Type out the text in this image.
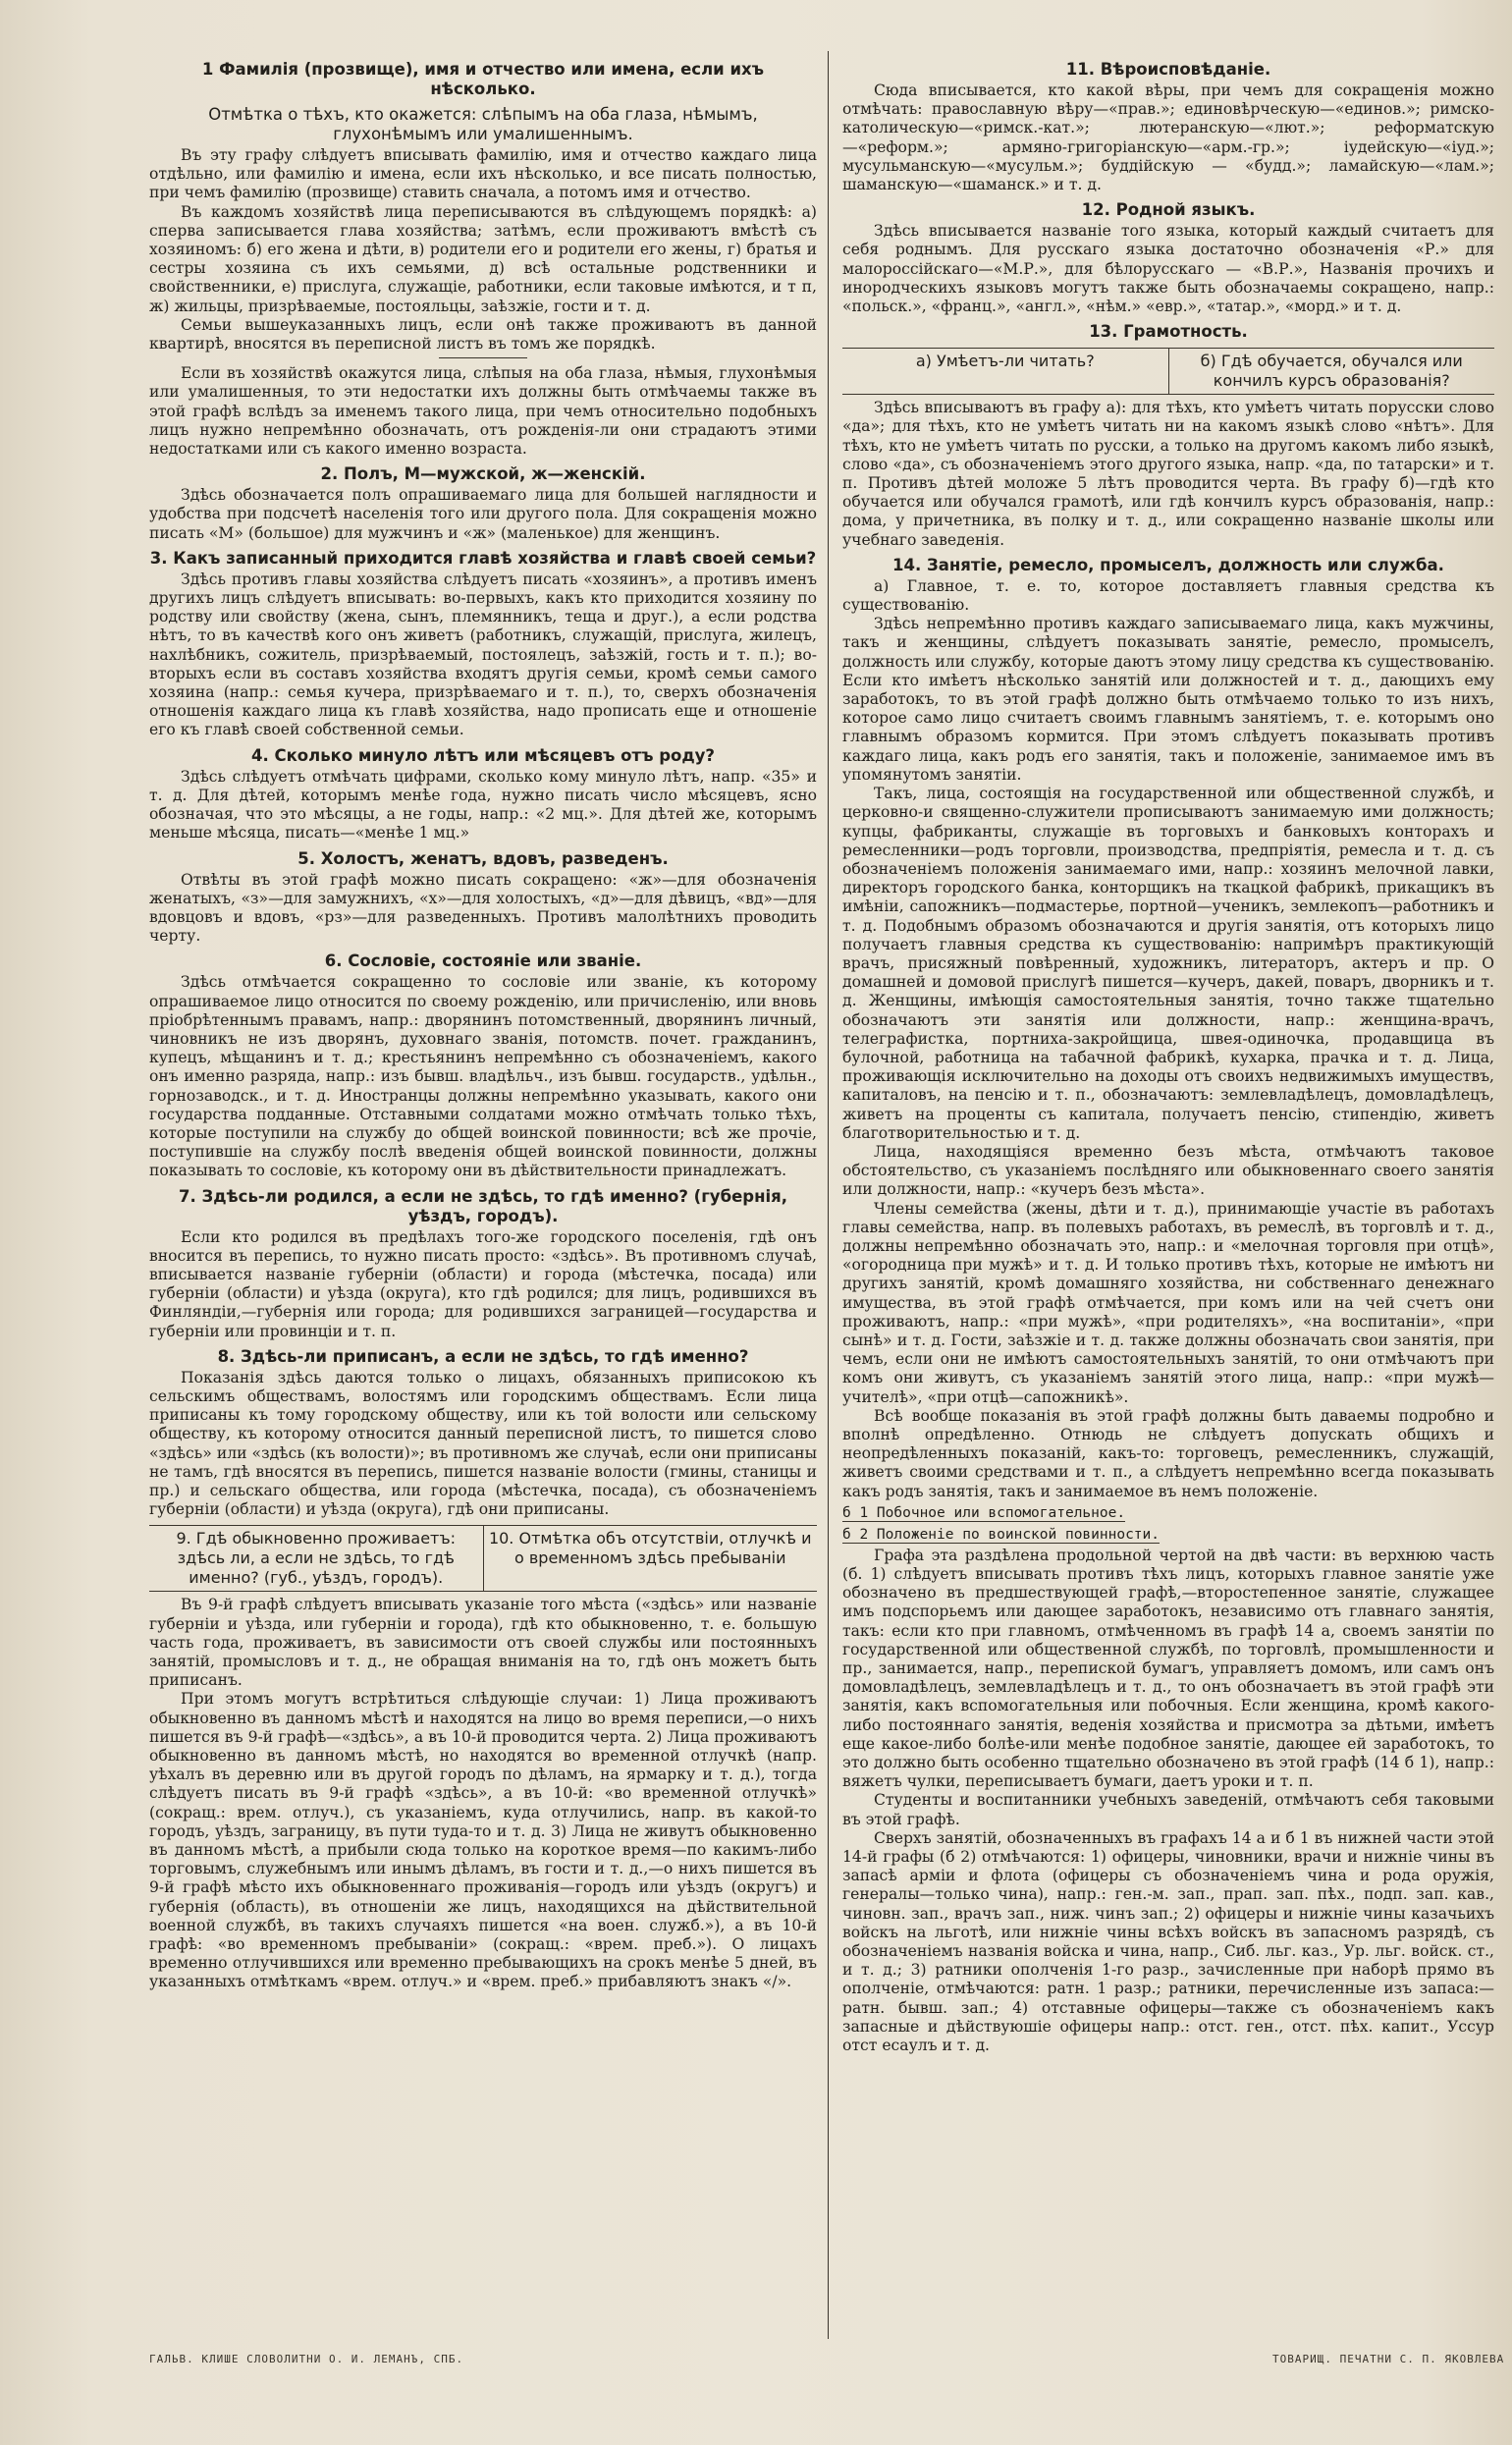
1 Фамилія (прозвище), имя и отчество или имена, если ихъ нѣсколько.
Отмѣтка о тѣхъ, кто окажется: слѣпымъ на оба глаза, нѣмымъ, глухонѣмымъ или умалишеннымъ.

Въ эту графу слѣдуетъ вписывать фамилію, имя и отчество каждаго лица отдѣльно, или фамилію и имена, если ихъ нѣсколько, и все писать полностью, при чемъ фамилію (прозвище) ставить сначала, а потомъ имя и отчество.

Въ каждомъ хозяйствѣ лица переписываются въ слѣдующемъ порядкѣ: а) сперва записывается глава хозяйства; затѣмъ, если проживаютъ вмѣстѣ съ хозяиномъ: б) его жена и дѣти, в) родители его и родители его жены, г) братья и сестры хозяина съ ихъ семьями, д) всѣ остальные родственники и свойственники, е) прислуга, служащіе, работники, если таковые имѣются, и т п, ж) жильцы, призрѣваемые, постояльцы, заѣзжіе, гости и т. д.

Семьи вышеуказанныхъ лицъ, если онѣ также проживаютъ въ данной квартирѣ, вносятся въ переписной листъ въ томъ же порядкѣ.

Если въ хозяйствѣ окажутся лица, слѣпыя на оба глаза, нѣмыя, глухонѣмыя или умалишенныя, то эти недостатки ихъ должны быть отмѣчаемы также въ этой графѣ вслѣдъ за именемъ такого лица, при чемъ относительно подобныхъ лицъ нужно непремѣнно обозначать, отъ рожденія-ли они страдаютъ этими недостатками или съ какого именно возраста.

2. Полъ, М—мужской, ж—женскій.

Здѣсь обозначается полъ опрашиваемаго лица для большей наглядности и удобства при подсчетѣ населенія того или другого пола. Для сокращенія можно писать «М» (большое) для мужчинъ и «ж» (маленькое) для женщинъ.

3. Какъ записанный приходится главѣ хозяйства и главѣ своей семьи?

Здѣсь противъ главы хозяйства слѣдуетъ писать «хозяинъ», а противъ именъ другихъ лицъ слѣдуетъ вписывать: во-первыхъ, какъ кто приходится хозяину по родству или свойству (жена, сынъ, племянникъ, теща и друг.), а если родства нѣтъ, то въ качествѣ кого онъ живетъ (работникъ, служащій, прислуга, жилецъ, нахлѣбникъ, сожитель, призрѣваемый, постоялецъ, заѣзжій, гость и т. п.); во-вторыхъ если въ составъ хозяйства входятъ другія семьи, кромѣ семьи самого хозяина (напр.: семья кучера, призрѣваемаго и т. п.), то, сверхъ обозначенія отношенія каждаго лица къ главѣ хозяйства, надо прописать еще и отношеніе его къ главѣ своей собственной семьи.

4. Сколько минуло лѣтъ или мѣсяцевъ отъ роду?

Здѣсь слѣдуетъ отмѣчать цифрами, сколько кому минуло лѣтъ, напр. «35» и т. д. Для дѣтей, которымъ менѣе года, нужно писать число мѣсяцевъ, ясно обозначая, что это мѣсяцы, а не годы, напр.: «2 мц.». Для дѣтей же, которымъ меньше мѣсяца, писать—«менѣе 1 мц.»

5. Холостъ, женатъ, вдовъ, разведенъ.

Отвѣты въ этой графѣ можно писать сокращено: «ж»—для обозначенія женатыхъ, «з»—для замужнихъ, «х»—для холостыхъ, «д»—для дѣвицъ, «вд»—для вдовцовъ и вдовъ, «рз»—для разведенныхъ. Противъ малолѣтнихъ проводить черту.

6. Сословіе, состояніе или званіе.

Здѣсь отмѣчается сокращенно то сословіе или званіе, къ которому опрашиваемое лицо относится по своему рожденію, или причисленію, или вновь пріобрѣтеннымъ правамъ, напр.: дворянинъ потомственный, дворянинъ личный, чиновникъ не изъ дворянъ, духовнаго званія, потомств. почет. гражданинъ, купецъ, мѣщанинъ и т. д.; крестьянинъ непремѣнно съ обозначеніемъ, какого онъ именно разряда, напр.: изъ бывш. владѣльч., изъ бывш. государств., удѣльн., горнозаводск., и т. д. Иностранцы должны непремѣнно указывать, какого они государства подданные. Отставными солдатами можно отмѣчать только тѣхъ, которые поступили на службу до общей воинской повинности; всѣ же прочіе, поступившіе на службу послѣ введенія общей воинской повинности, должны показывать то сословіе, къ которому они въ дѣйствительности принадлежатъ.

7. Здѣсь-ли родился, а если не здѣсь, то гдѣ именно? (губернія, уѣздъ, городъ).

Если кто родился въ предѣлахъ того-же городского поселенія, гдѣ онъ вносится въ перепись, то нужно писать просто: «здѣсь». Въ противномъ случаѣ, вписывается названіе губерніи (области) и города (мѣстечка, посада) или губерніи (области) и уѣзда (округа), кто гдѣ родился; для лицъ, родившихся въ Финляндіи,—губернія или города; для родившихся заграницей—государства и губерніи или провинціи и т. п.

8. Здѣсь-ли приписанъ, а если не здѣсь, то гдѣ именно?

Показанія здѣсь даются только о лицахъ, обязанныхъ приписокою къ сельскимъ обществамъ, волостямъ или городскимъ обществамъ. Если лица приписаны къ тому городскому обществу, или къ той волости или сельскому обществу, къ которому относится данный переписной листъ, то пишется слово «здѣсь» или «здѣсь (къ волости)»; въ противномъ же случаѣ, если они приписаны не тамъ, гдѣ вносятся въ перепись, пишется названіе волости (гмины, станицы и пр.) и сельскаго общества, или города (мѣстечка, посада), съ обозначеніемъ губерніи (области) и уѣзда (округа), гдѣ они приписаны.

9. Гдѣ обыкновенно проживаетъ: здѣсь ли, а если не здѣсь, то гдѣ именно? (губ., уѣздъ, городъ).
10. Отмѣтка объ отсутствіи, отлучкѣ и о временномъ здѣсь пребываніи

Въ 9-й графѣ слѣдуетъ вписывать указаніе того мѣста («здѣсь» или названіе губерніи и уѣзда, или губерніи и города), гдѣ кто обыкновенно, т. е. большую часть года, проживаетъ, въ зависимости отъ своей службы или постоянныхъ занятій, промысловъ и т. д., не обращая вниманія на то, гдѣ онъ можетъ быть приписанъ.

При этомъ могутъ встрѣтиться слѣдующіе случаи: 1) Лица проживаютъ обыкновенно въ данномъ мѣстѣ и находятся на лицо во время переписи,—о нихъ пишется въ 9-й графѣ—«здѣсь», а въ 10-й проводится черта. 2) Лица проживаютъ обыкновенно въ данномъ мѣстѣ, но находятся во временной отлучкѣ (напр. уѣхалъ въ деревню или въ другой городъ по дѣламъ, на ярмарку и т. д.), тогда слѣдуетъ писать въ 9-й графѣ «здѣсь», а въ 10-й: «во временной отлучкѣ» (сокращ.: врем. отлуч.), съ указаніемъ, куда отлучились, напр. въ какой-то городъ, уѣздъ, заграницу, въ пути туда-то и т. д. 3) Лица не живутъ обыкновенно въ данномъ мѣстѣ, а прибыли сюда только на короткое время—по какимъ-либо торговымъ, служебнымъ или инымъ дѣламъ, въ гости и т. д.,—о нихъ пишется въ 9-й графѣ мѣсто ихъ обыкновеннаго проживанія—городъ или уѣздъ (округъ) и губернія (область), въ отношеніи же лицъ, находящихся на дѣйствительной военной службѣ, въ такихъ случаяхъ пишется «на воен. служб.»), а въ 10-й графѣ: «во временномъ пребываніи» (сокращ.: «врем. преб.»). О лицахъ временно отлучившихся или временно пребывающихъ на срокъ менѣе 5 дней, въ указанныхъ отмѣткамъ «врем. отлуч.» и «врем. преб.» прибавляютъ знакъ «/».

11. Вѣроисповѣданіе.

Сюда вписывается, кто какой вѣры, при чемъ для сокращенія можно отмѣчать: православную вѣру—«прав.»; единовѣрческую—«единов.»; римско-католическую—«римск.-кат.»; лютеранскую—«лют.»; реформатскую—«реформ.»; армяно-григоріанскую—«арм.-гр.»; іудейскую—«іуд.»; мусульманскую—«мусульм.»; буддійскую — «будд.»; ламайскую—«лам.»; шаманскую—«шаманск.» и т. д.

12. Родной языкъ.

Здѣсь вписывается названіе того языка, который каждый считаетъ для себя роднымъ. Для русскаго языка достаточно обозначенія «Р.» для малороссійскаго—«М.Р.», для бѣлорусскаго — «В.Р.», Названія прочихъ и инородческихъ языковъ могутъ также быть обозначаемы сокращено, напр.: «польск.», «франц.», «англ.», «нѣм.» «евр.», «татар.», «морд.» и т. д.

13. Грамотность.
а) Умѣетъ-ли читать?	б) Гдѣ обучается, обучался или кончилъ курсъ образованія?

Здѣсь вписываютъ въ графу а): для тѣхъ, кто умѣетъ читать порусски слово «да»; для тѣхъ, кто не умѣетъ читать ни на какомъ языкѣ слово «нѣтъ». Для тѣхъ, кто не умѣетъ читать по русски, а только на другомъ какомъ либо языкѣ, слово «да», съ обозначеніемъ этого другого языка, напр. «да, по татарски» и т. п. Противъ дѣтей моложе 5 лѣтъ проводится черта. Въ графу б)—гдѣ кто обучается или обучался грамотѣ, или гдѣ кончилъ курсъ образованія, напр.: дома, у причетника, въ полку и т. д., или сокращенно названіе школы или учебнаго заведенія.

14. Занятіе, ремесло, промыселъ, должность или служба.

а) Главное, т. е. то, которое доставляетъ главныя средства къ существованію.

Здѣсь непремѣнно противъ каждаго записываемаго лица, какъ мужчины, такъ и женщины, слѣдуетъ показывать занятіе, ремесло, промыселъ, должность или службу, которые даютъ этому лицу средства къ существованію. Если кто имѣетъ нѣсколько занятій или должностей и т. д., дающихъ ему заработокъ, то въ этой графѣ должно быть отмѣчаемо только то изъ нихъ, которое само лицо считаетъ своимъ главнымъ занятіемъ, т. е. которымъ оно главнымъ образомъ кормится. При этомъ слѣдуетъ показывать противъ каждаго лица, какъ родъ его занятія, такъ и положеніе, занимаемое имъ въ упомянутомъ занятіи.

Такъ, лица, состоящія на государственной или общественной службѣ, и церковно-и священно-служители прописываютъ занимаемую ими должность; купцы, фабриканты, служащіе въ торговыхъ и банковыхъ конторахъ и ремесленники—родъ торговли, производства, предпріятія, ремесла и т. д. съ обозначеніемъ положенія занимаемаго ими, напр.: хозяинъ мелочной лавки, директоръ городского банка, конторщикъ на ткацкой фабрикѣ, прикащикъ въ имѣніи, сапожникъ—подмастерье, портной—ученикъ, землекопъ—работникъ и т. д. Подобнымъ образомъ обозначаются и другія занятія, отъ которыхъ лицо получаетъ главныя средства къ существованію: напримѣръ практикующій врачъ, присяжный повѣренный, художникъ, литераторъ, актеръ и пр. О домашней и домовой прислугѣ пишется—кучеръ, дакей, поваръ, дворникъ и т. д. Женщины, имѣющія самостоятельныя занятія, точно также тщательно обозначаютъ эти занятія или должности, напр.: женщина-врачъ, телеграфистка, портниха-закройщица, швея-одиночка, продавщица въ булочной, работница на табачной фабрикѣ, кухарка, прачка и т. д. Лица, проживающія исключительно на доходы отъ своихъ недвижимыхъ имуществъ, капиталовъ, на пенсію и т. п., обозначаютъ: землевладѣлецъ, домовладѣлецъ, живетъ на проценты съ капитала, получаетъ пенсію, стипендію, живетъ благотворительностью и т. д.

Лица, находящіяся временно безъ мѣста, отмѣчаютъ таковое обстоятельство, съ указаніемъ послѣдняго или обыкновеннаго своего занятія или должности, напр.: «кучеръ безъ мѣста».

Члены семейства (жены, дѣти и т. д.), принимающіе участіе въ работахъ главы семейства, напр. въ полевыхъ работахъ, въ ремеслѣ, въ торговлѣ и т. д., должны непремѣнно обозначать это, напр.: и «мелочная торговля при отцѣ», «огородница при мужѣ» и т. д. И только противъ тѣхъ, которые не имѣютъ ни другихъ занятій, кромѣ домашняго хозяйства, ни собственнаго денежнаго имущества, въ этой графѣ отмѣчается, при комъ или на чей счетъ они проживаютъ, напр.: «при мужѣ», «при родителяхъ», «на воспитаніи», «при сынѣ» и т. д. Гости, заѣзжіе и т. д. также должны обозначать свои занятія, при чемъ, если они не имѣютъ самостоятельныхъ занятій, то они отмѣчаютъ при комъ они живутъ, съ указаніемъ занятій этого лица, напр.: «при мужѣ—учителѣ», «при отцѣ—сапожникѣ».

Всѣ вообще показанія въ этой графѣ должны быть даваемы подробно и вполнѣ опредѣленно. Отнюдь не слѣдуетъ допускать общихъ и неопредѣленныхъ показаній, какъ-то: торговецъ, ремесленникъ, служащій, живетъ своими средствами и т. п., а слѣдуетъ непремѣнно всегда показывать какъ родъ занятія, такъ и занимаемое въ немъ положеніе.

б 1 Побочное или вспомогательное.
б 2 Положеніе по воинской повинности.

Графа эта раздѣлена продольной чертой на двѣ части: въ верхнюю часть (б. 1) слѣдуетъ вписывать противъ тѣхъ лицъ, которыхъ главное занятіе уже обозначено въ предшествующей графѣ,—второстепенное занятіе, служащее имъ подспорьемъ или дающее заработокъ, независимо отъ главнаго занятія, такъ: если кто при главномъ, отмѣченномъ въ графѣ 14 а, своемъ занятіи по государственной или общественной службѣ, по торговлѣ, промышленности и пр., занимается, напр., перепиской бумагъ, управляетъ домомъ, или самъ онъ домовладѣлецъ, землевладѣлецъ и т. д., то онъ обозначаетъ въ этой графѣ эти занятія, какъ вспомогательныя или побочныя. Если женщина, кромѣ какого-либо постояннаго занятія, веденія хозяйства и присмотра за дѣтьми, имѣетъ еще какое-либо болѣе-или менѣе подобное занятіе, дающее ей заработокъ, то это должно быть особенно тщательно обозначено въ этой графѣ (14 б 1), напр.: вяжетъ чулки, переписываетъ бумаги, даетъ уроки и т. п.

Студенты и воспитанники учебныхъ заведеній, отмѣчаютъ себя таковыми въ этой графѣ.

Сверхъ занятій, обозначенныхъ въ графахъ 14 а и б 1 въ нижней части этой 14-й графы (б 2) отмѣчаются: 1) офицеры, чиновники, врачи и нижніе чины въ запасѣ арміи и флота (офицеры съ обозначеніемъ чина и рода оружія, генералы—только чина), напр.: ген.-м. зап., прап. зап. пѣх., подп. зап. кав., чиновн. зап., врачъ зап., ниж. чинъ зап.; 2) офицеры и нижніе чины казачьихъ войскъ на льготѣ, или нижніе чины всѣхъ войскъ въ запасномъ разрядѣ, съ обозначеніемъ названія войска и чина, напр., Сиб. льг. каз., Ур. льг. войск. ст., и т. д.; 3) ратники ополченія 1-го разр., зачисленные при наборѣ прямо въ ополченіе, отмѣчаются: ратн. 1 разр.; ратники, перечисленные изъ запаса:—ратн. бывш. зап.; 4) отставные офицеры—также съ обозначеніемъ какъ запасные и дѣйствуюшіе офицеры напр.: отст. ген., отст. пѣх. капит., Уссур отст есаулъ и т. д.

ГАЛЬВ. КЛИШЕ СЛОВОЛИТНИ О. И. ЛЕМАНЪ, СПБ.	ТОВАРИЩ. ПЕЧАТНИ С. П. ЯКОВЛЕВА
